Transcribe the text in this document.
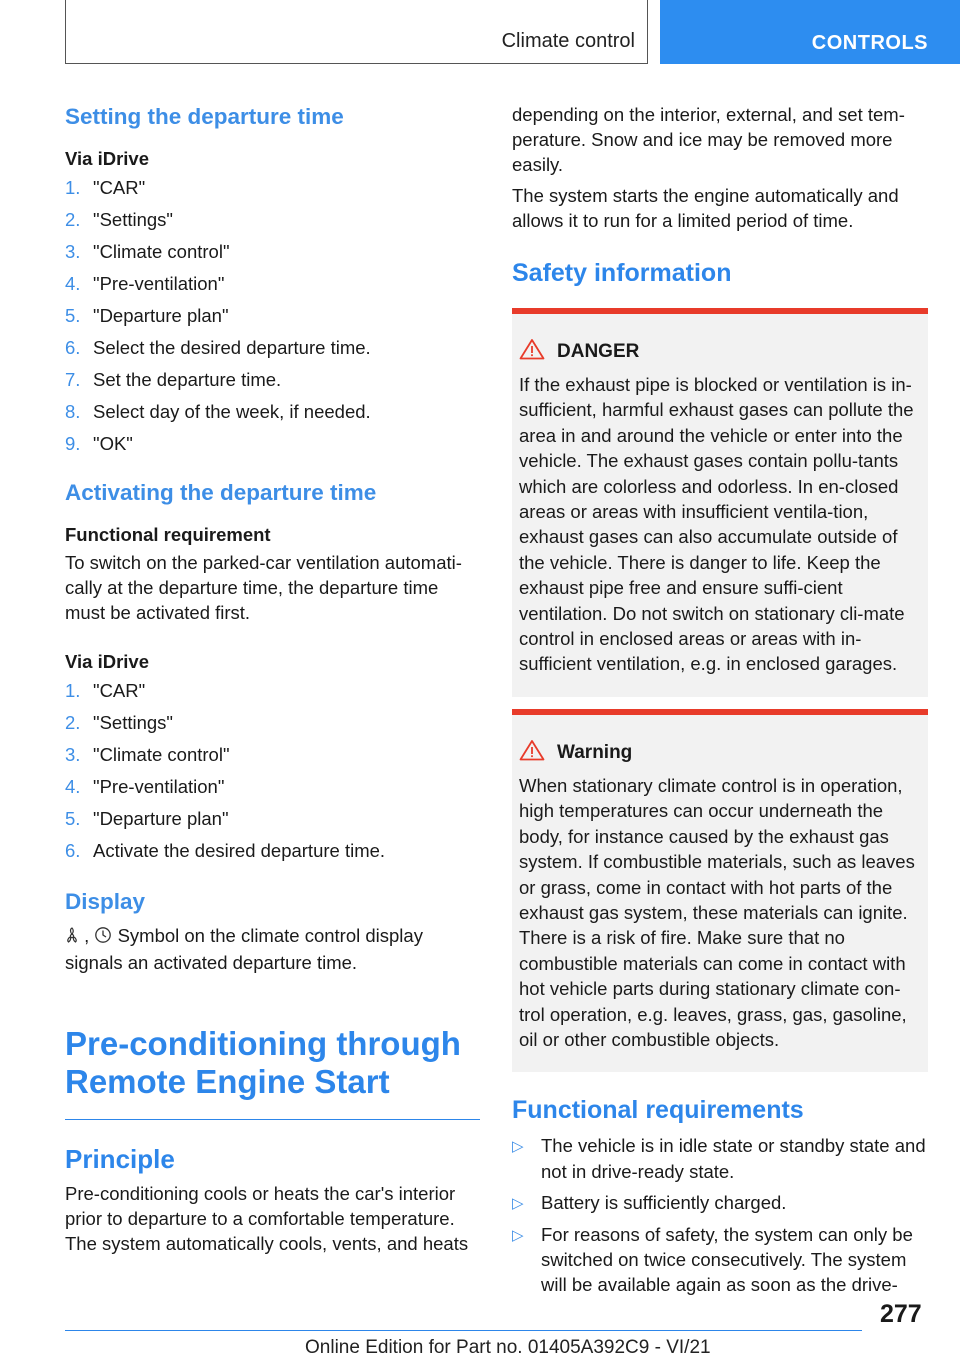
Climate control	CONTROLS
Setting the departure time

Via iDrive

1. "CAR"
2. "Settings"
3. "Climate control"
4. "Pre-ventilation"
5. "Departure plan"
6. Select the desired departure time.
7. Set the departure time.
8. Select day of the week, if needed.
9. "OK"
Activating the departure time

Functional requirement

To switch on the parked-car ventilation automati-cally at the departure time, the departure time must be activated first.

Via iDrive

1. "CAR"
2. "Settings"
3. "Climate control"
4. "Pre-ventilation"
5. "Departure plan"
6. Activate the desired departure time.
Display

, Symbol on the climate control display
signals an activated departure time.

Pre-conditioning through Remote Engine Start
Principle

Pre-conditioning cools or heats the car's interior prior to departure to a comfortable temperature. The system automatically cools, vents, and heats

depending on the interior, external, and set tem-perature. Snow and ice may be removed more easily.

The system starts the engine automatically and allows it to run for a limited period of time.

Safety information

DANGER

If the exhaust pipe is blocked or ventilation is in-sufficient, harmful exhaust gases can pollute the area in and around the vehicle or enter into the vehicle. The exhaust gases contain pollu-tants which are colorless and odorless. In en-closed areas or areas with insufficient ventila-tion, exhaust gases can also accumulate outside of the vehicle. There is danger to life. Keep the exhaust pipe free and ensure suffi-cient ventilation. Do not switch on stationary cli-mate control in enclosed areas or areas with in-sufficient ventilation, e.g. in enclosed garages.

Warning

When stationary climate control is in operation, high temperatures can occur underneath the body, for instance caused by the exhaust gas system. If combustible materials, such as leaves or grass, come in contact with hot parts of the exhaust gas system, these materials can ignite. There is a risk of fire. Make sure that no combustible materials can come in contact with hot vehicle parts during stationary climate con-trol operation, e.g. leaves, grass, gas, gasoline, oil or other combustible objects.

Functional requirements
▷ The vehicle is in idle state or standby state and not in drive-ready state.
▷ Battery is sufficiently charged.
▷ For reasons of safety, the system can only be switched on twice consecutively. The system will be available again as soon as the drive-
277
Online Edition for Part no. 01405A392C9 - VI/21
